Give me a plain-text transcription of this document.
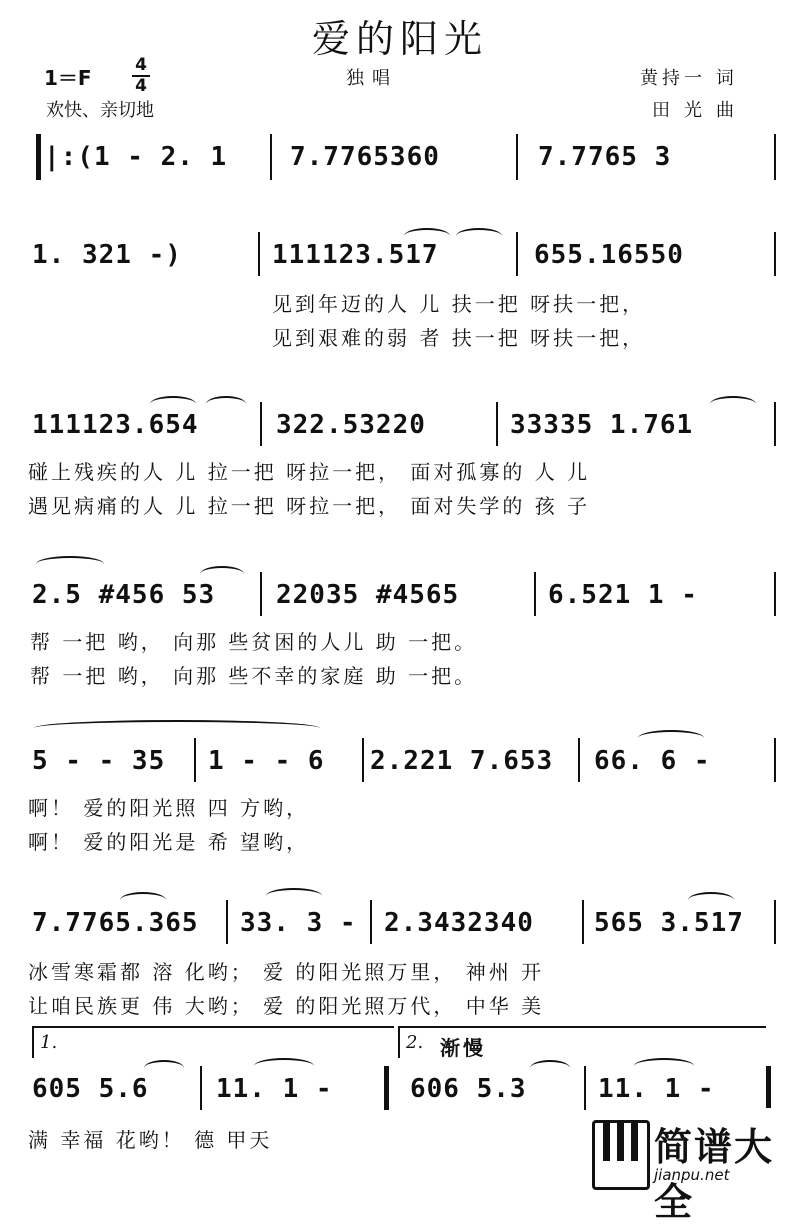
爱的阳光
1＝F
4
4	独唱
欢快、亲切地
黄持一 词
田光曲
|:(1 - 2. 1 7.7765360	7.7765 3
1. 321 -)	111123.517	655.16550
见到年迈的人 儿 扶一把 呀扶一把，
见到艰难的弱 者 扶一把 呀扶一把，
111123.654	322.53220	33335 1.761
碰上残疾的人 儿 拉一把 呀拉一把， 面对孤寡的 人 儿
遇见病痛的人 儿 拉一把 呀拉一把， 面对失学的 孩 子
2.5 #456 53 22035 #4565	6.521 1 -
帮 一把 哟， 向那 些贫困的人儿 助 一把。
帮 一把 哟， 向那 些不幸的家庭 助 一把。
5 - - 35 1 - - 6 2.221 7.653 66. 6 -
啊！ 爱的阳光照 四 方哟，
啊！ 爱的阳光是 希 望哟，
7.7765.365 33. 3 - 2.3432340 565 3.517
冰雪寒霜都 溶 化哟； 爱 的阳光照万里， 神州 开
让咱民族更 伟 大哟； 爱 的阳光照万代， 中华 美
1.	2. 渐慢
605 5.6	11. 1 -	606 5.3	11. 1 -
满 幸福 花哟！ 德 甲天	简谱大全
jianpu.net
